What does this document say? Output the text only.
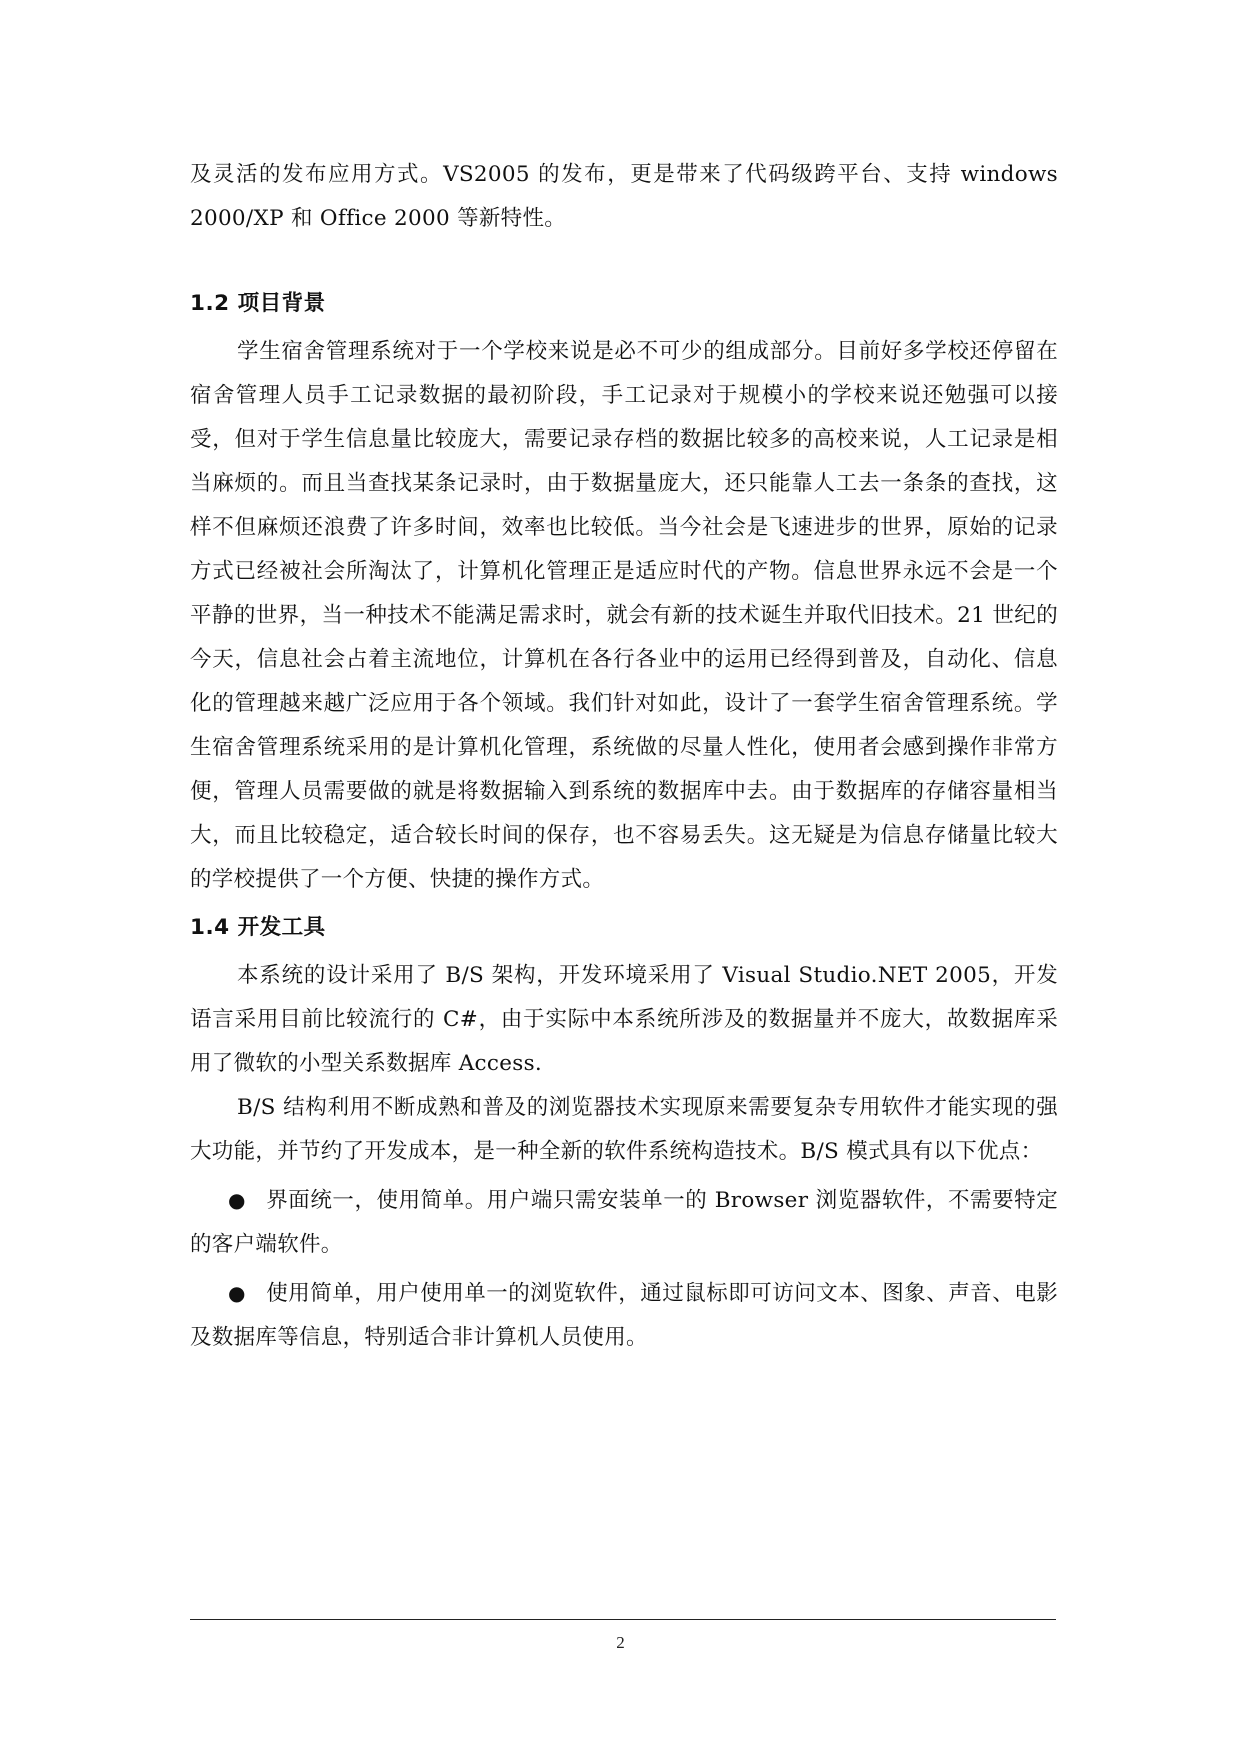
及灵活的发布应用方式。VS2005 的发布，更是带来了代码级跨平台、支持 windows 2000/XP 和 Office 2000 等新特性。

1.2 项目背景

学生宿舍管理系统对于一个学校来说是必不可少的组成部分。目前好多学校还停留在宿舍管理人员手工记录数据的最初阶段，手工记录对于规模小的学校来说还勉强可以接受，但对于学生信息量比较庞大，需要记录存档的数据比较多的高校来说，人工记录是相当麻烦的。而且当查找某条记录时，由于数据量庞大，还只能靠人工去一条条的查找，这样不但麻烦还浪费了许多时间，效率也比较低。当今社会是飞速进步的世界，原始的记录方式已经被社会所淘汰了，计算机化管理正是适应时代的产物。信息世界永远不会是一个平静的世界，当一种技术不能满足需求时，就会有新的技术诞生并取代旧技术。21 世纪的今天，信息社会占着主流地位，计算机在各行各业中的运用已经得到普及，自动化、信息化的管理越来越广泛应用于各个领域。我们针对如此，设计了一套学生宿舍管理系统。学生宿舍管理系统采用的是计算机化管理，系统做的尽量人性化，使用者会感到操作非常方便，管理人员需要做的就是将数据输入到系统的数据库中去。由于数据库的存储容量相当大，而且比较稳定，适合较长时间的保存，也不容易丢失。这无疑是为信息存储量比较大的学校提供了一个方便、快捷的操作方式。

1.4 开发工具

本系统的设计采用了 B/S 架构，开发环境采用了 Visual Studio.NET 2005，开发语言采用目前比较流行的 C#，由于实际中本系统所涉及的数据量并不庞大，故数据库采用了微软的小型关系数据库 Access.

B/S 结构利用不断成熟和普及的浏览器技术实现原来需要复杂专用软件才能实现的强大功能，并节约了开发成本，是一种全新的软件系统构造技术。B/S 模式具有以下优点：

● 界面统一，使用简单。用户端只需安装单一的 Browser 浏览器软件，不需要特定的客户端软件。

● 使用简单，用户使用单一的浏览软件，通过鼠标即可访问文本、图象、声音、电影及数据库等信息，特别适合非计算机人员使用。

2
